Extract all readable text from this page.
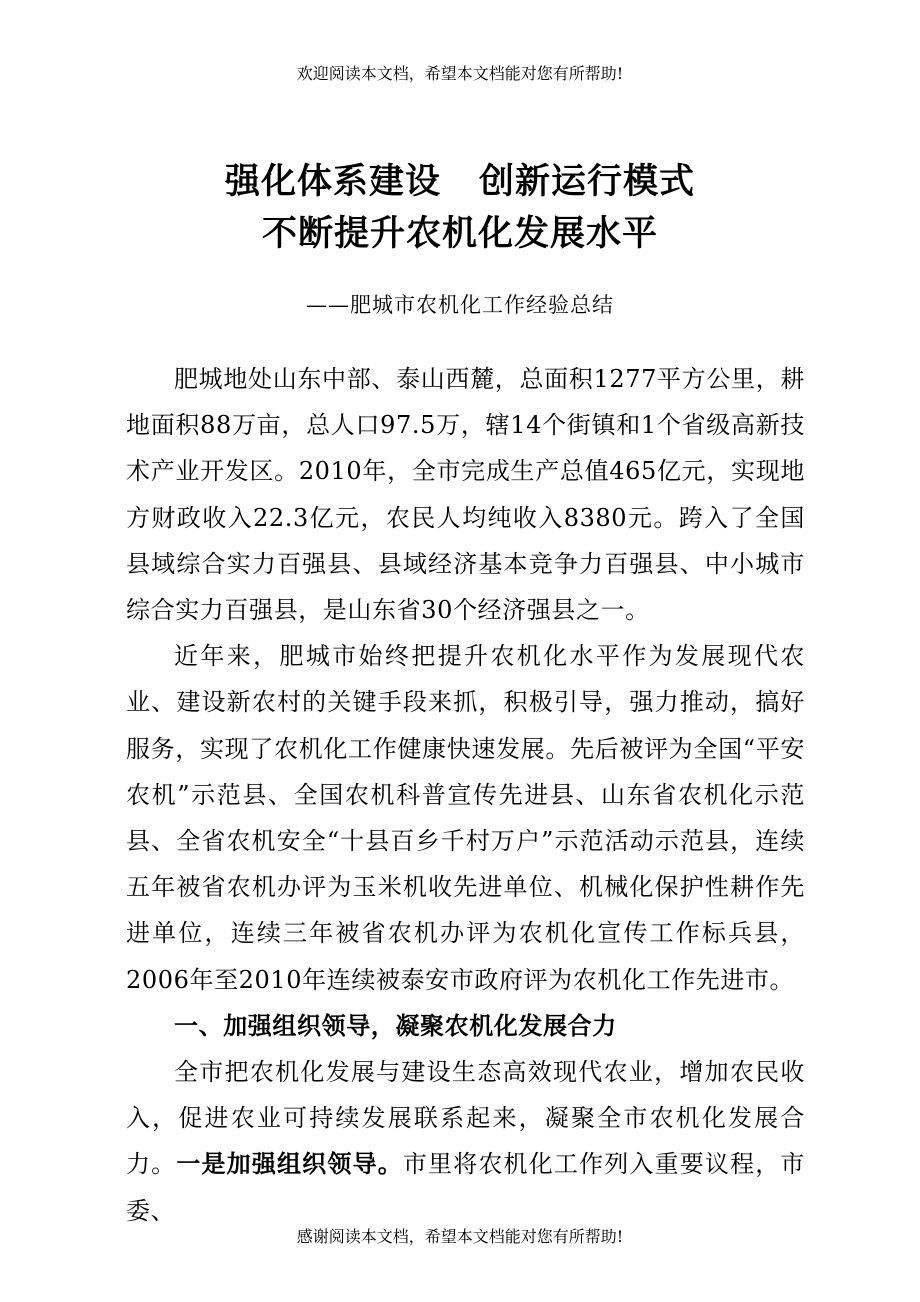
欢迎阅读本文档，希望本文档能对您有所帮助!
强化体系建设 创新运行模式
不断提升农机化发展水平
——肥城市农机化工作经验总结

肥城地处山东中部、泰山西麓，总面积1277平方公里，耕地面积88万亩，总人口97.5万，辖14个街镇和1个省级高新技术产业开发区。2010年，全市完成生产总值465亿元，实现地方财政收入22.3亿元，农民人均纯收入8380元。跨入了全国县域综合实力百强县、县域经济基本竞争力百强县、中小城市综合实力百强县，是山东省30个经济强县之一。

近年来，肥城市始终把提升农机化水平作为发展现代农业、建设新农村的关键手段来抓，积极引导，强力推动，搞好服务，实现了农机化工作健康快速发展。先后被评为全国“平安农机”示范县、全国农机科普宣传先进县、山东省农机化示范县、全省农机安全“十县百乡千村万户”示范活动示范县，连续五年被省农机办评为玉米机收先进单位、机械化保护性耕作先进单位，连续三年被省农机办评为农机化宣传工作标兵县，2006年至2010年连续被泰安市政府评为农机化工作先进市。

一、加强组织领导，凝聚农机化发展合力

全市把农机化发展与建设生态高效现代农业，增加农民收入，促进农业可持续发展联系起来，凝聚全市农机化发展合力。一是加强组织领导。市里将农机化工作列入重要议程，市委、

感谢阅读本文档，希望本文档能对您有所帮助!
